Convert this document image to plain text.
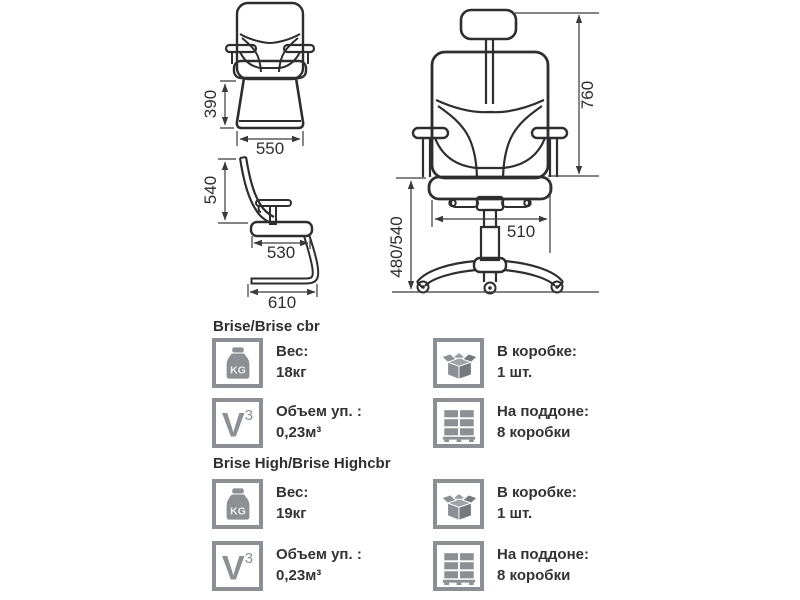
390
550
540
530
610
760
480/540	510
Brise/Brise cbr
Вес:
18кг
Объем уп. :
0,23м³
В коробке:
1 шт.
На поддоне:
8 коробки
Brise High/Brise Highcbr
Вес:
19кг
Объем уп. :
0,23м³
В коробке:
1 шт.
На поддоне:
8 коробки
